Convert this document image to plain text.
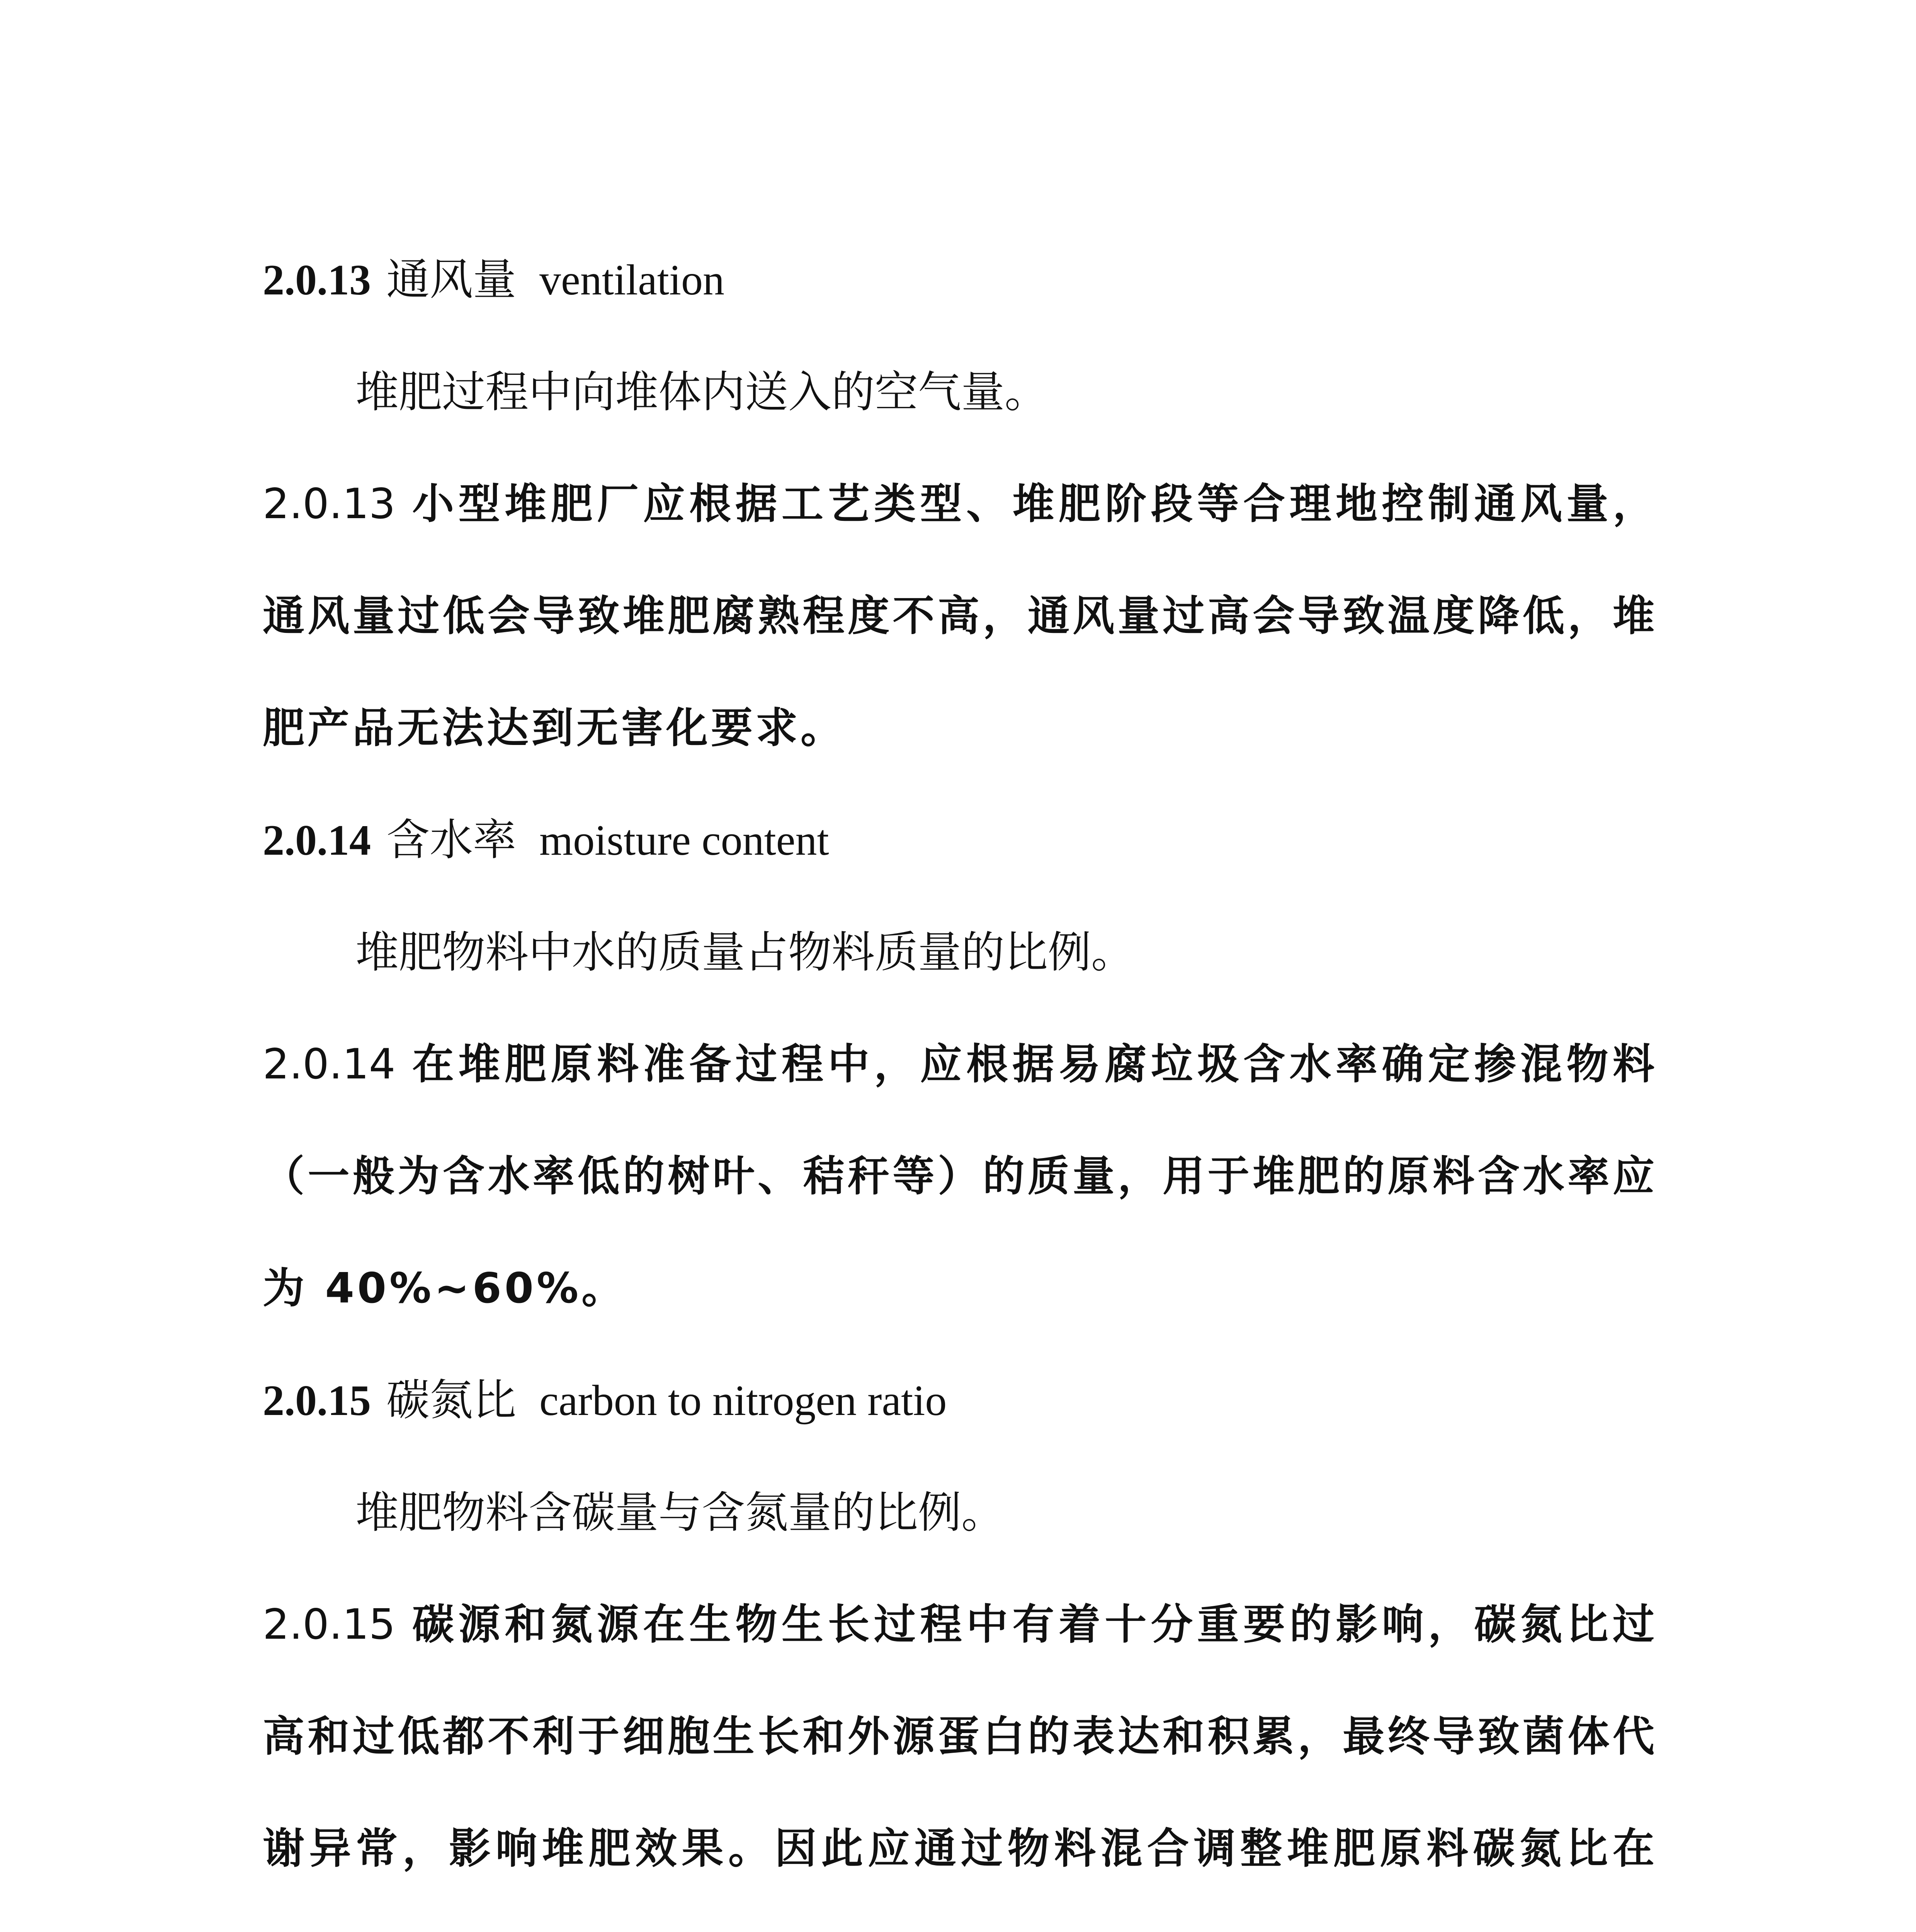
2.0.13 通风量 ventilation
堆肥过程中向堆体内送入的空气量。
2.0.13 小型堆肥厂应根据工艺类型、堆肥阶段等合理地控制通风量，通风量过低会导致堆肥腐熟程度不高，通风量过高会导致温度降低，堆肥产品无法达到无害化要求。
2.0.14 含水率 moisture content
堆肥物料中水的质量占物料质量的比例。
2.0.14 在堆肥原料准备过程中，应根据易腐垃圾含水率确定掺混物料（一般为含水率低的树叶、秸秆等）的质量，用于堆肥的原料含水率应为 40%~60%。
2.0.15 碳氮比 carbon to nitrogen ratio
堆肥物料含碳量与含氮量的比例。
2.0.15 碳源和氮源在生物生长过程中有着十分重要的影响，碳氮比过高和过低都不利于细胞生长和外源蛋白的表达和积累，最终导致菌体代谢异常，影响堆肥效果。因此应通过物料混合调整堆肥原料碳氮比在
